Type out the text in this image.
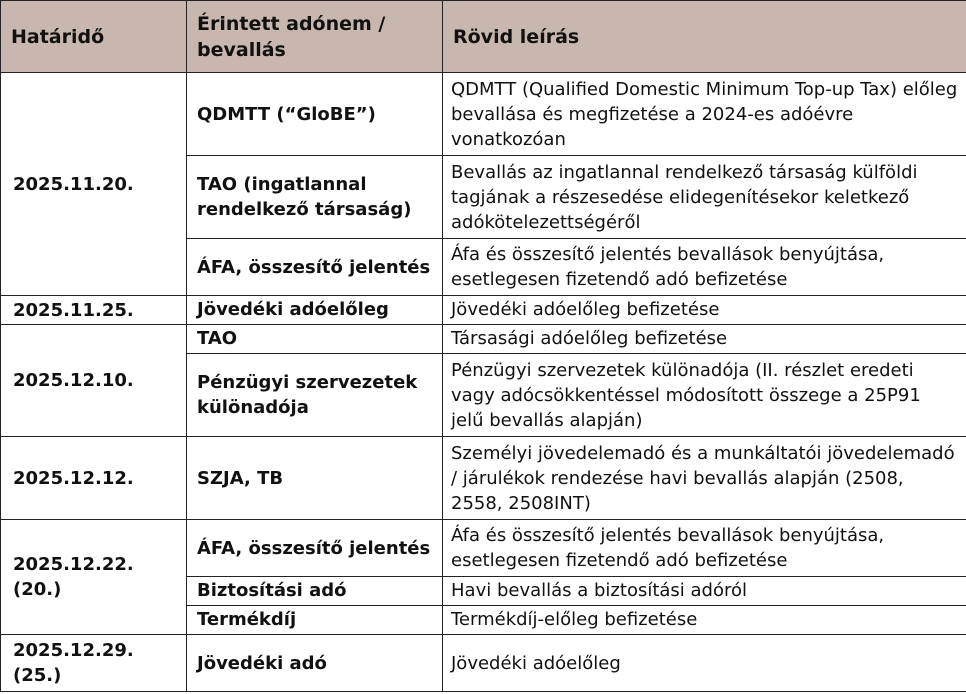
Határidő	Érintett adónem / bevallás	Rövid leírás
2025.11.20.	QDMTT (“GloBE”)	QDMTT (Qualified Domestic Minimum Top-up Tax) előleg bevallása és megfizetése a 2024-es adóévre vonatkozóan
	TAO (ingatlannal rendelkező társaság)	Bevallás az ingatlannal rendelkező társaság külföldi tagjának a részesedése elidegenítésekor keletkező adókötelezettségéről
	ÁFA, összesítő jelentés	Áfa és összesítő jelentés bevallások benyújtása, esetlegesen fizetendő adó befizetése
2025.11.25.	Jövedéki adóelőleg	Jövedéki adóelőleg befizetése
2025.12.10.	TAO	Társasági adóelőleg befizetése
	Pénzügyi szervezetek különadója	Pénzügyi szervezetek különadója (II. részlet eredeti vagy adócsökkentéssel módosított összege a 25P91 jelű bevallás alapján)
2025.12.12.	SZJA, TB	Személyi jövedelemadó és a munkáltatói jövedelemadó / járulékok rendezése havi bevallás alapján (2508, 2558, 2508INT)
2025.12.22. (20.)	ÁFA, összesítő jelentés	Áfa és összesítő jelentés bevallások benyújtása, esetlegesen fizetendő adó befizetése
	Biztosítási adó	Havi bevallás a biztosítási adóról
	Termékdíj	Termékdíj-előleg befizetése
2025.12.29. (25.)	Jövedéki adó	Jövedéki adóelőleg
